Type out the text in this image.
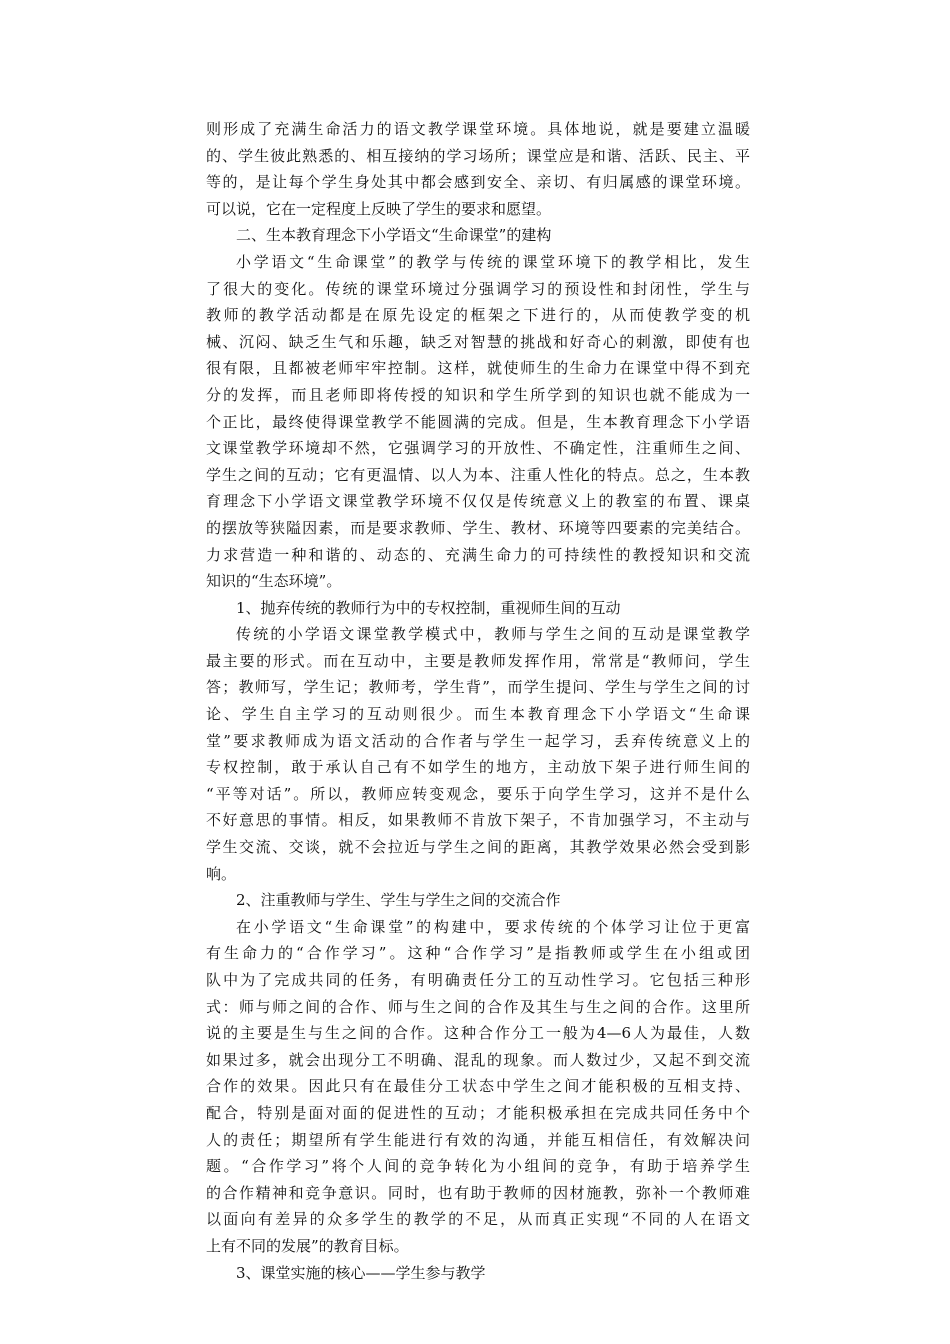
则形成了充满生命活力的语文教学课堂环境。具体地说，就是要建立温暖
的、学生彼此熟悉的、相互接纳的学习场所；课堂应是和谐、活跃、民主、平
等的，是让每个学生身处其中都会感到安全、亲切、有归属感的课堂环境。
可以说，它在一定程度上反映了学生的要求和愿望。
二、生本教育理念下小学语文“生命课堂”的建构
小学语文“生命课堂”的教学与传统的课堂环境下的教学相比，发生
了很大的变化。传统的课堂环境过分强调学习的预设性和封闭性，学生与
教师的教学活动都是在原先设定的框架之下进行的，从而使教学变的机
械、沉闷、缺乏生气和乐趣，缺乏对智慧的挑战和好奇心的刺激，即使有也
很有限，且都被老师牢牢控制。这样，就使师生的生命力在课堂中得不到充
分的发挥，而且老师即将传授的知识和学生所学到的知识也就不能成为一
个正比，最终使得课堂教学不能圆满的完成。但是，生本教育理念下小学语
文课堂教学环境却不然，它强调学习的开放性、不确定性，注重师生之间、
学生之间的互动；它有更温情、以人为本、注重人性化的特点。总之，生本教
育理念下小学语文课堂教学环境不仅仅是传统意义上的教室的布置、课桌
的摆放等狭隘因素，而是要求教师、学生、教材、环境等四要素的完美结合。
力求营造一种和谐的、动态的、充满生命力的可持续性的教授知识和交流
知识的“生态环境”。
1、抛弃传统的教师行为中的专权控制，重视师生间的互动
传统的小学语文课堂教学模式中，教师与学生之间的互动是课堂教学
最主要的形式。而在互动中，主要是教师发挥作用，常常是“教师问，学生
答；教师写，学生记；教师考，学生背”，而学生提问、学生与学生之间的讨
论、学生自主学习的互动则很少。而生本教育理念下小学语文“生命课
堂”要求教师成为语文活动的合作者与学生一起学习，丢弃传统意义上的
专权控制，敢于承认自己有不如学生的地方，主动放下架子进行师生间的
“平等对话”。所以，教师应转变观念，要乐于向学生学习，这并不是什么
不好意思的事情。相反，如果教师不肯放下架子，不肯加强学习，不主动与
学生交流、交谈，就不会拉近与学生之间的距离，其教学效果必然会受到影
响。
2、注重教师与学生、学生与学生之间的交流合作
在小学语文“生命课堂”的构建中，要求传统的个体学习让位于更富
有生命力的“合作学习”。这种“合作学习”是指教师或学生在小组或团
队中为了完成共同的任务，有明确责任分工的互动性学习。它包括三种形
式：师与师之间的合作、师与生之间的合作及其生与生之间的合作。这里所
说的主要是生与生之间的合作。这种合作分工一般为4—6人为最佳，人数
如果过多，就会出现分工不明确、混乱的现象。而人数过少，又起不到交流
合作的效果。因此只有在最佳分工状态中学生之间才能积极的互相支持、
配合，特别是面对面的促进性的互动；才能积极承担在完成共同任务中个
人的责任；期望所有学生能进行有效的沟通，并能互相信任，有效解决问
题。“合作学习”将个人间的竞争转化为小组间的竞争，有助于培养学生
的合作精神和竞争意识。同时，也有助于教师的因材施教，弥补一个教师难
以面向有差异的众多学生的教学的不足，从而真正实现“不同的人在语文
上有不同的发展”的教育目标。
3、课堂实施的核心——学生参与教学
